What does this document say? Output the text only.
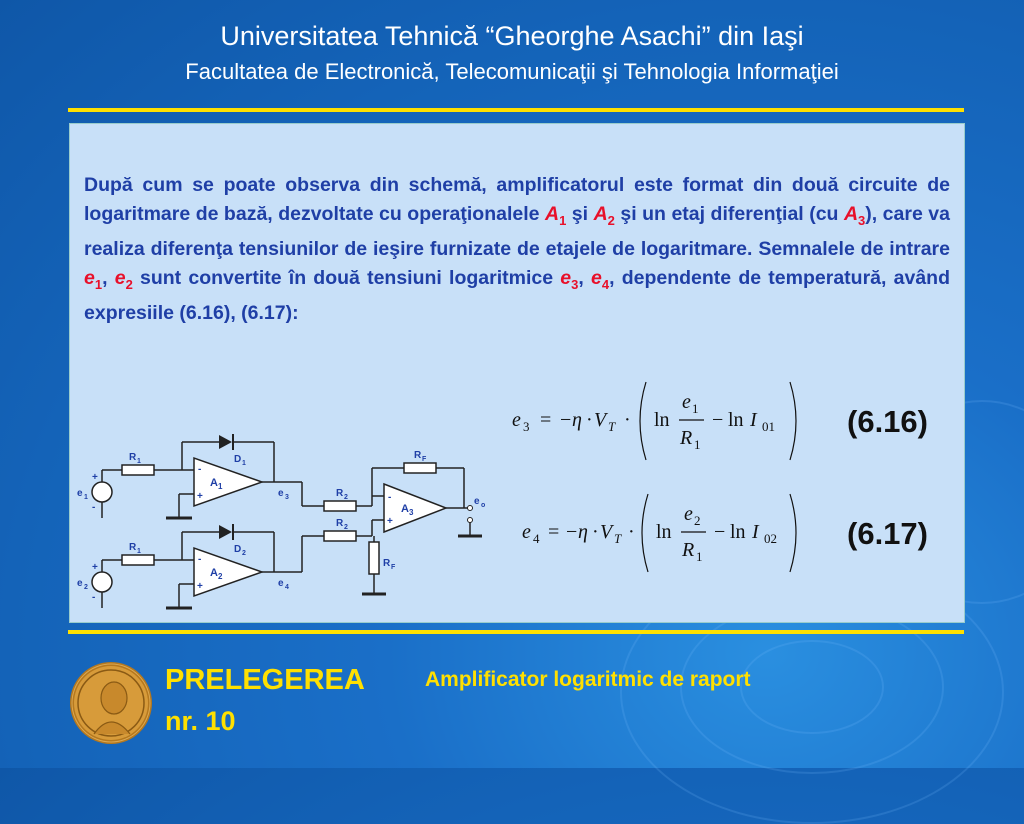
Universitatea Tehnică “Gheorghe Asachi” din Iaşi
Facultatea de Electronică, Telecomunicaţii şi Tehnologia Informaţiei
După cum se poate observa din schemă, amplificatorul este format din două circuite de logaritmare de bază, dezvoltate cu operaţionalele $A_1$ şi $A_2$ şi un etaj diferenţial (cu $A_3$), care va realiza diferenţa tensiunilor de ieşire furnizate de etajele de logaritmare. Semnalele de intrare $e_1$, $e_2$ sunt convertite în două tensiuni logaritmice $e_3$, $e_4$, dependente de temperatură, având expresiile (6.16), (6.17):
e 3 = − η · V T · ln
e 1
R 1
− ln I 01 (6.16)
e 4 = − η · V T · ln
e 2
R 1
− ln I 02 (6.17)
R 1
R 1
D 1
D 2
A 1
A 2
A 3
-
+
-
+
-
+
+
-
+
-
e 1
e 2
e 3
e 4
R 2
R 2
R F
R F
e o
PRELEGEREA
nr. 10
Amplificator logaritmic de raport
